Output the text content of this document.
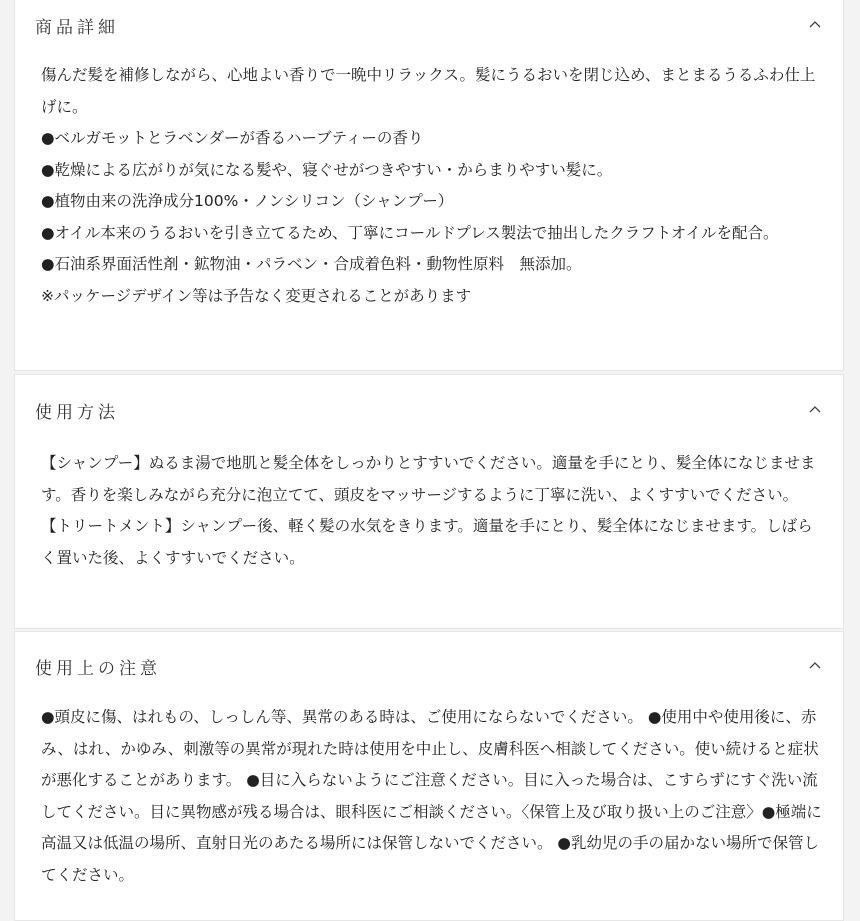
商品詳細

傷んだ髪を補修しながら、心地よい香りで一晩中リラックス。髪にうるおいを閉じ込め、まとまるうるふわ仕上げに。

●ベルガモットとラベンダーが香るハーブティーの香り

●乾燥による広がりが気になる髪や、寝ぐせがつきやすい・からまりやすい髪に。

●植物由来の洗浄成分100%・ノンシリコン（シャンプー）

●オイル本来のうるおいを引き立てるため、丁寧にコールドプレス製法で抽出したクラフトオイルを配合。

●石油系界面活性剤・鉱物油・パラベン・合成着色料・動物性原料　無添加。

※パッケージデザイン等は予告なく変更されることがあります

使用方法

【シャンプー】ぬるま湯で地肌と髪全体をしっかりとすすいでください。適量を手にとり、髪全体になじませます。香りを楽しみながら充分に泡立てて、頭皮をマッサージするように丁寧に洗い、よくすすいでください。

【トリートメント】シャンプー後、軽く髪の水気をきります。適量を手にとり、髪全体になじませます。しばらく置いた後、よくすすいでください。

使用上の注意

●頭皮に傷、はれもの、しっしん等、異常のある時は、ご使用にならないでください。 ●使用中や使用後に、赤み、はれ、かゆみ、刺激等の異常が現れた時は使用を中止し、皮膚科医へ相談してください。使い続けると症状が悪化することがあります。 ●目に入らないようにご注意ください。目に入った場合は、こすらずにすぐ洗い流してください。目に異物感が残る場合は、眼科医にご相談ください。〈保管上及び取り扱い上のご注意〉●極端に高温又は低温の場所、直射日光のあたる場所には保管しないでください。 ●乳幼児の手の届かない場所で保管してください。
